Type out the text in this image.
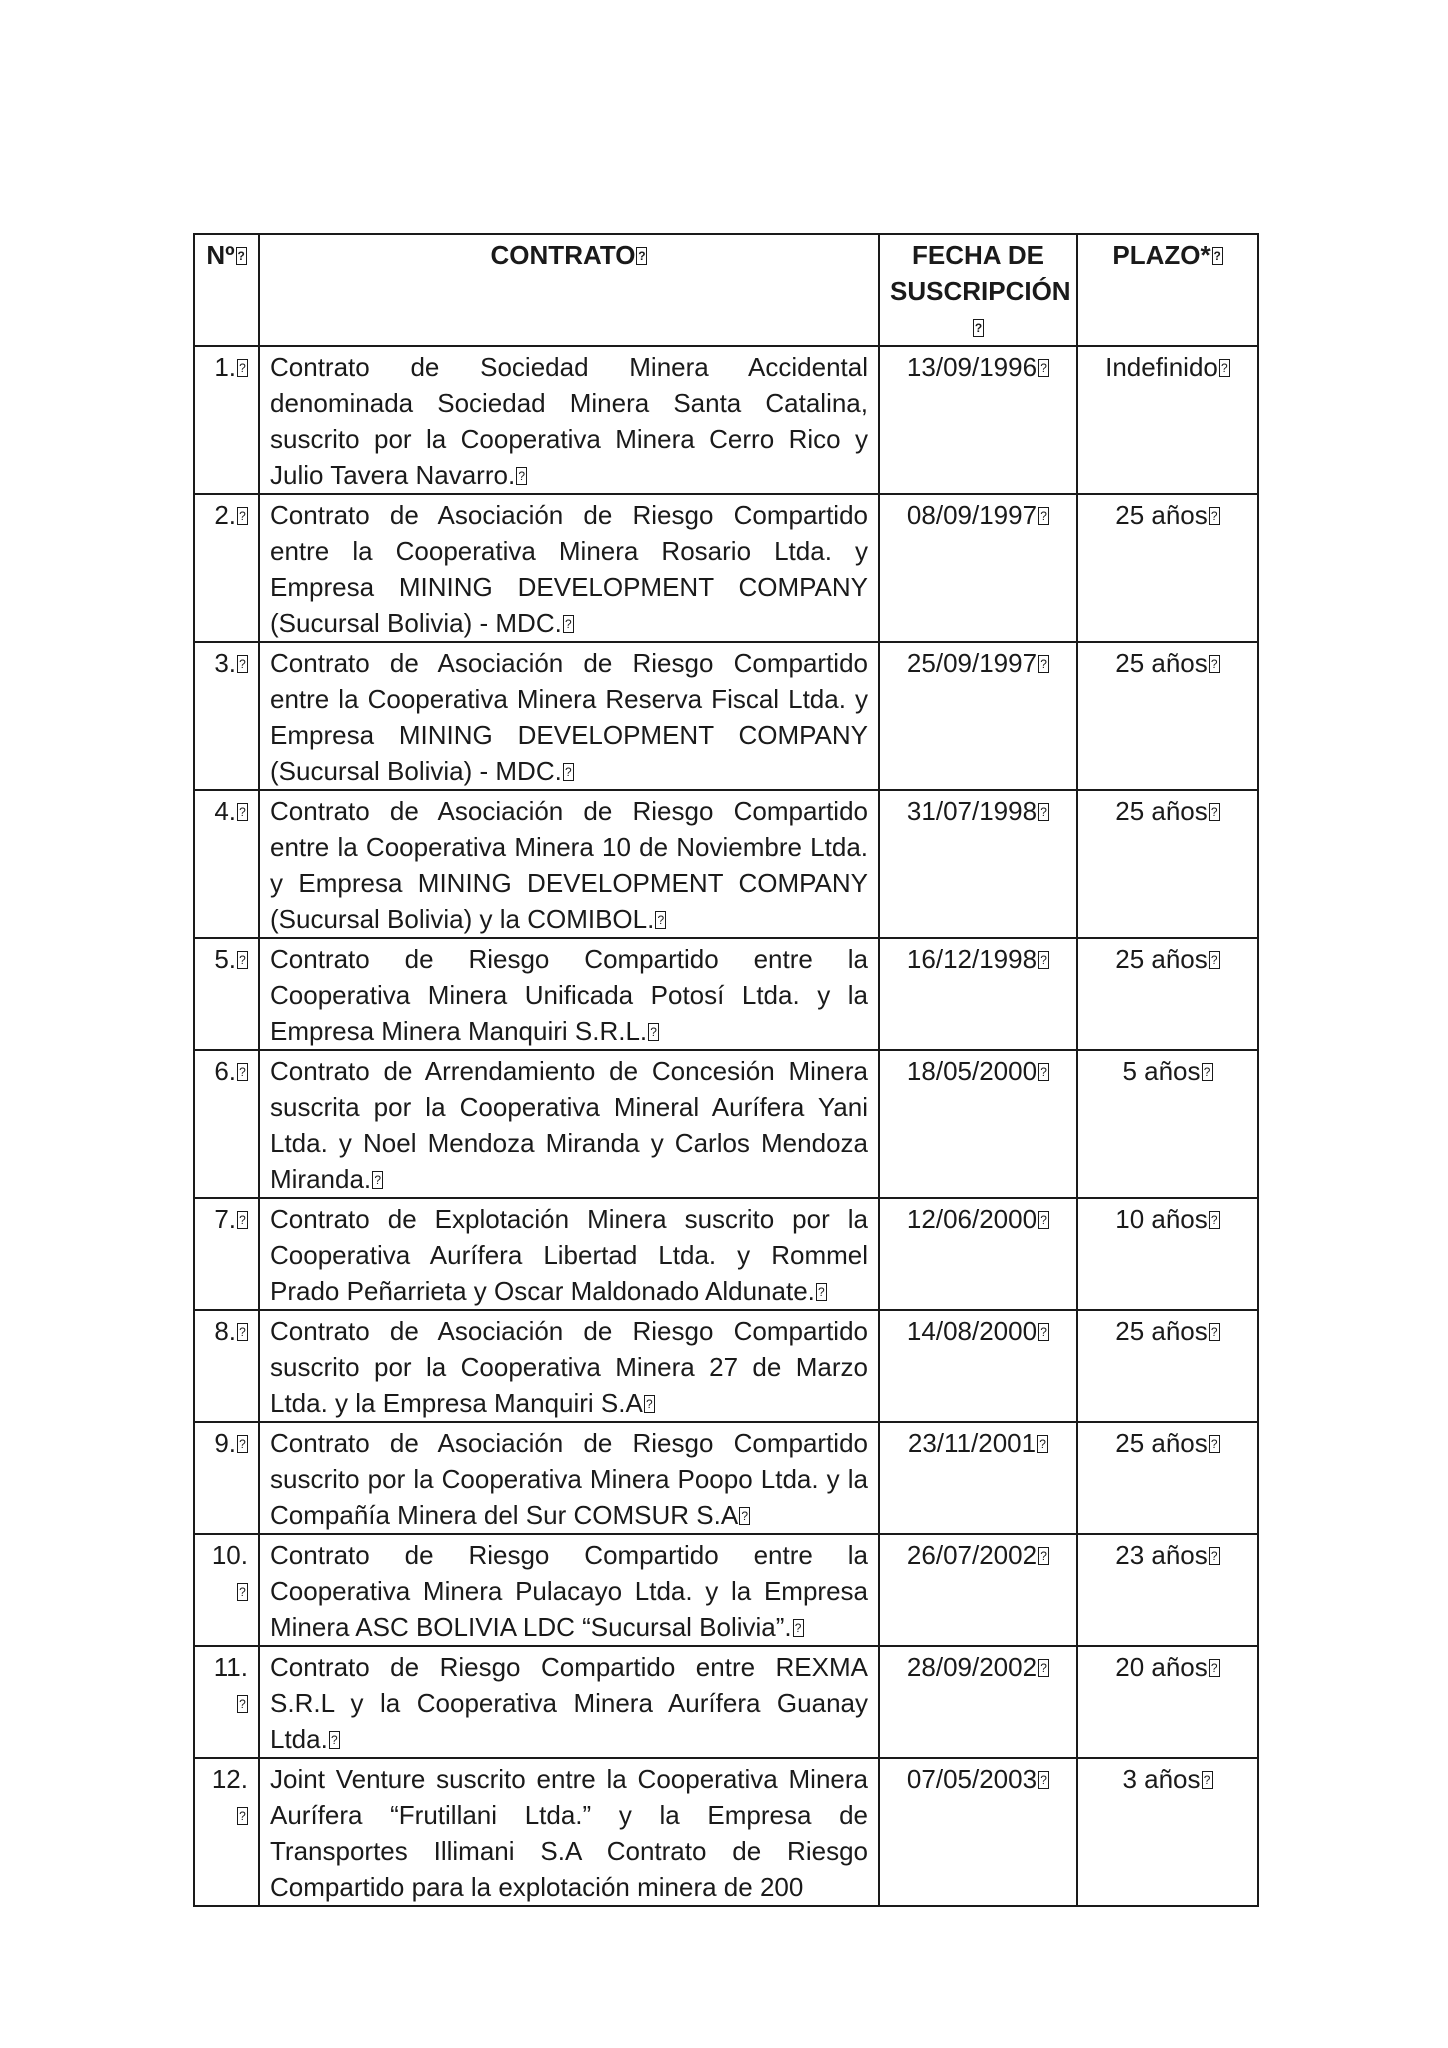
Nº?	CONTRATO?	FECHA DE SUSCRIPCIÓN?	PLAZO*?
1.?	Contrato de Sociedad Minera Accidental denominada Sociedad Minera Santa Catalina, suscrito por la Cooperativa Minera Cerro Rico y Julio Tavera Navarro.?	13/09/1996?	Indefinido?
2.?	Contrato de Asociación de Riesgo Compartido entre la Cooperativa Minera Rosario Ltda. y Empresa MINING DEVELOPMENT COMPANY (Sucursal Bolivia) - MDC.?	08/09/1997?	25 años?
3.?	Contrato de Asociación de Riesgo Compartido entre la Cooperativa Minera Reserva Fiscal Ltda. y Empresa MINING DEVELOPMENT COMPANY (Sucursal Bolivia) - MDC.?	25/09/1997?	25 años?
4.?	Contrato de Asociación de Riesgo Compartido entre la Cooperativa Minera 10 de Noviembre Ltda. y Empresa MINING DEVELOPMENT COMPANY (Sucursal Bolivia) y la COMIBOL.?	31/07/1998?	25 años?
5.?	Contrato de Riesgo Compartido entre la Cooperativa Minera Unificada Potosí Ltda. y la Empresa Minera Manquiri S.R.L.?	16/12/1998?	25 años?
6.?	Contrato de Arrendamiento de Concesión Minera suscrita por la Cooperativa Mineral Aurífera Yani Ltda. y Noel Mendoza Miranda y Carlos Mendoza Miranda.?	18/05/2000?	5 años?
7.?	Contrato de Explotación Minera suscrito por la Cooperativa Aurífera Libertad Ltda. y Rommel Prado Peñarrieta y Oscar Maldonado Aldunate.?	12/06/2000?	10 años?
8.?	Contrato de Asociación de Riesgo Compartido suscrito por la Cooperativa Minera 27 de Marzo Ltda. y la Empresa Manquiri S.A?	14/08/2000?	25 años?
9.?	Contrato de Asociación de Riesgo Compartido suscrito por la Cooperativa Minera Poopo Ltda. y la Compañía Minera del Sur COMSUR S.A?	23/11/2001?	25 años?
10.?	Contrato de Riesgo Compartido entre la Cooperativa Minera Pulacayo Ltda. y la Empresa Minera ASC BOLIVIA LDC “Sucursal Bolivia”.?	26/07/2002?	23 años?
11.?	Contrato de Riesgo Compartido entre REXMA S.R.L y la Cooperativa Minera Aurífera Guanay Ltda.?	28/09/2002?	20 años?
12.?	Joint Venture suscrito entre la Cooperativa Minera Aurífera “Frutillani Ltda.” y la Empresa de Transportes Illimani S.A Contrato de Riesgo Compartido para la explotación minera de 200	07/05/2003?	3 años?
